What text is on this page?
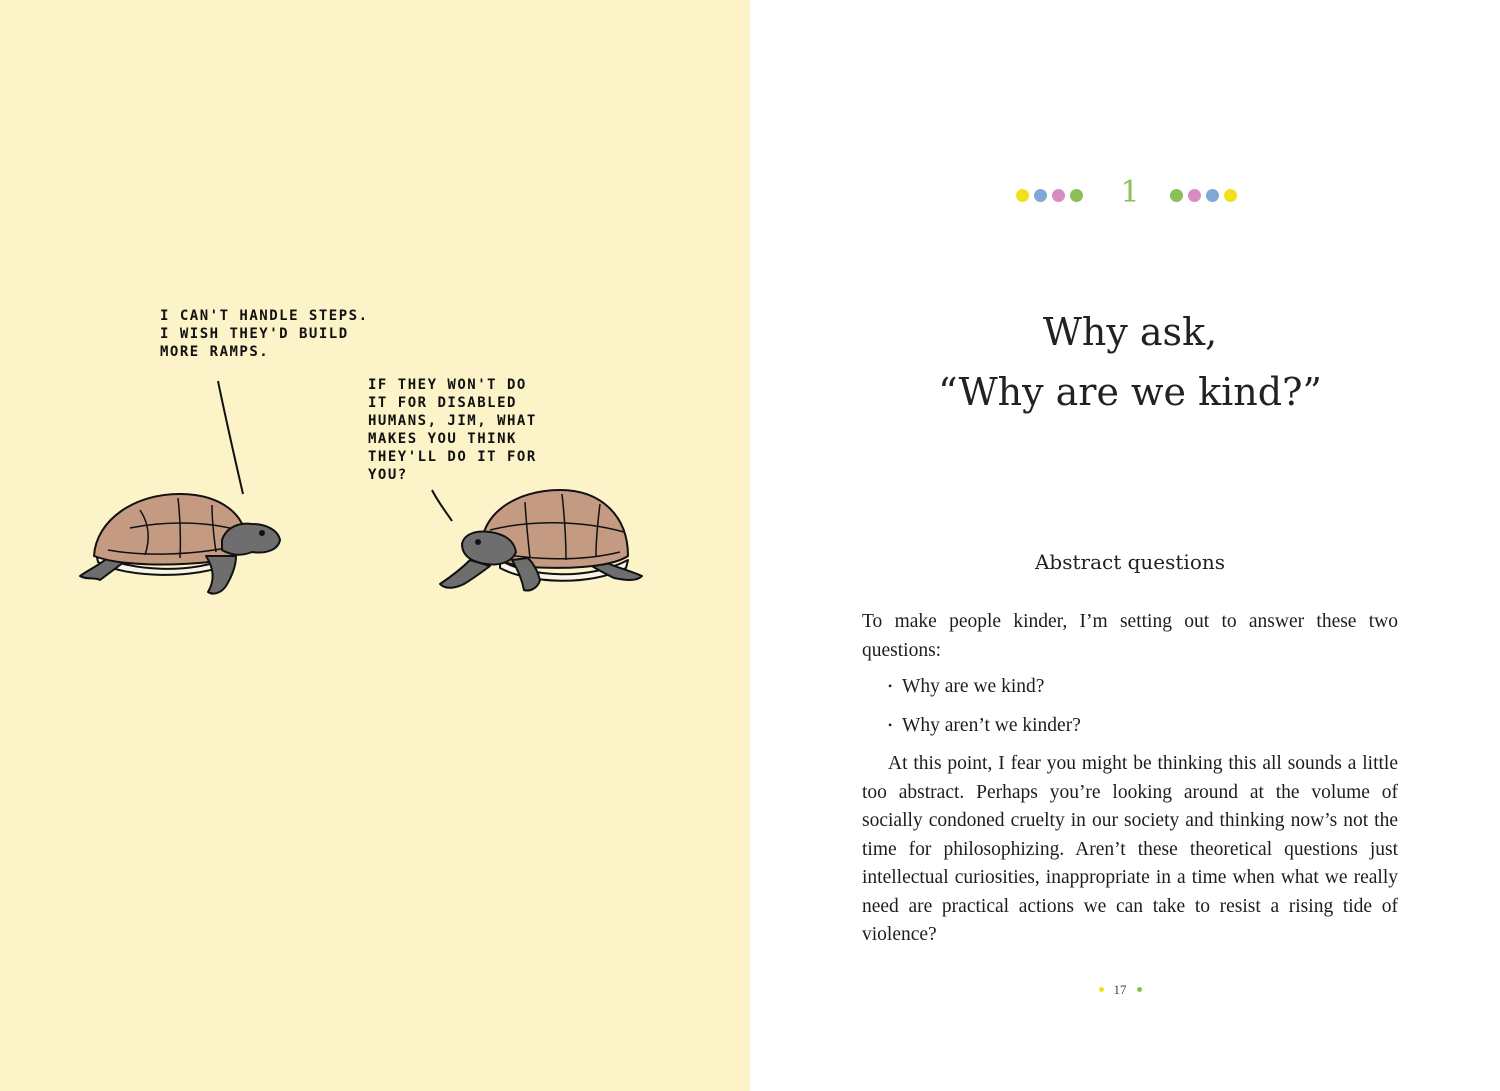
I CAN'T HANDLE STEPS.
I WISH THEY'D BUILD
MORE RAMPS.
IF THEY WON'T DO
IT FOR DISABLED
HUMANS, JIM, WHAT
MAKES YOU THINK
THEY'LL DO IT FOR
YOU?
1
Why ask,
“Why are we kind?”
Abstract questions

To make people kinder, I’m setting out to answer these two questions:

• Why are we kind?
• Why aren’t we kinder?

At this point, I fear you might be thinking this all sounds a little too abstract. Perhaps you’re looking around at the volume of socially condoned cruelty in our society and thinking now’s not the time for philosophizing. Aren’t these theoretical questions just intellectual curiosities, inappropriate in a time when what we really need are practical actions we can take to resist a rising tide of violence?

17
